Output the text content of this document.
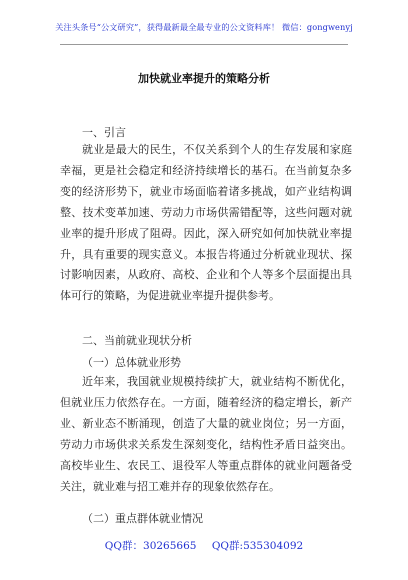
关注头条号“公文研究”，获得最新最全最专业的公文资料库！ 微信：gongwenyj
加快就业率提升的策略分析
一、引言
就业是最大的民生，不仅关系到个人的生存发展和家庭幸福，更是社会稳定和经济持续增长的基石。在当前复杂多变的经济形势下，就业市场面临着诸多挑战，如产业结构调整、技术变革加速、劳动力市场供需错配等，这些问题对就业率的提升形成了阻碍。因此，深入研究如何加快就业率提升，具有重要的现实意义。本报告将通过分析就业现状、探讨影响因素，从政府、高校、企业和个人等多个层面提出具体可行的策略，为促进就业率提升提供参考。
二、当前就业现状分析
（一）总体就业形势
近年来，我国就业规模持续扩大，就业结构不断优化，但就业压力依然存在。一方面，随着经济的稳定增长，新产业、新业态不断涌现，创造了大量的就业岗位；另一方面，劳动力市场供求关系发生深刻变化，结构性矛盾日益突出。高校毕业生、农民工、退役军人等重点群体的就业问题备受关注，就业难与招工难并存的现象依然存在。
（二）重点群体就业情况
QQ群：30265665 QQ群:535304092
